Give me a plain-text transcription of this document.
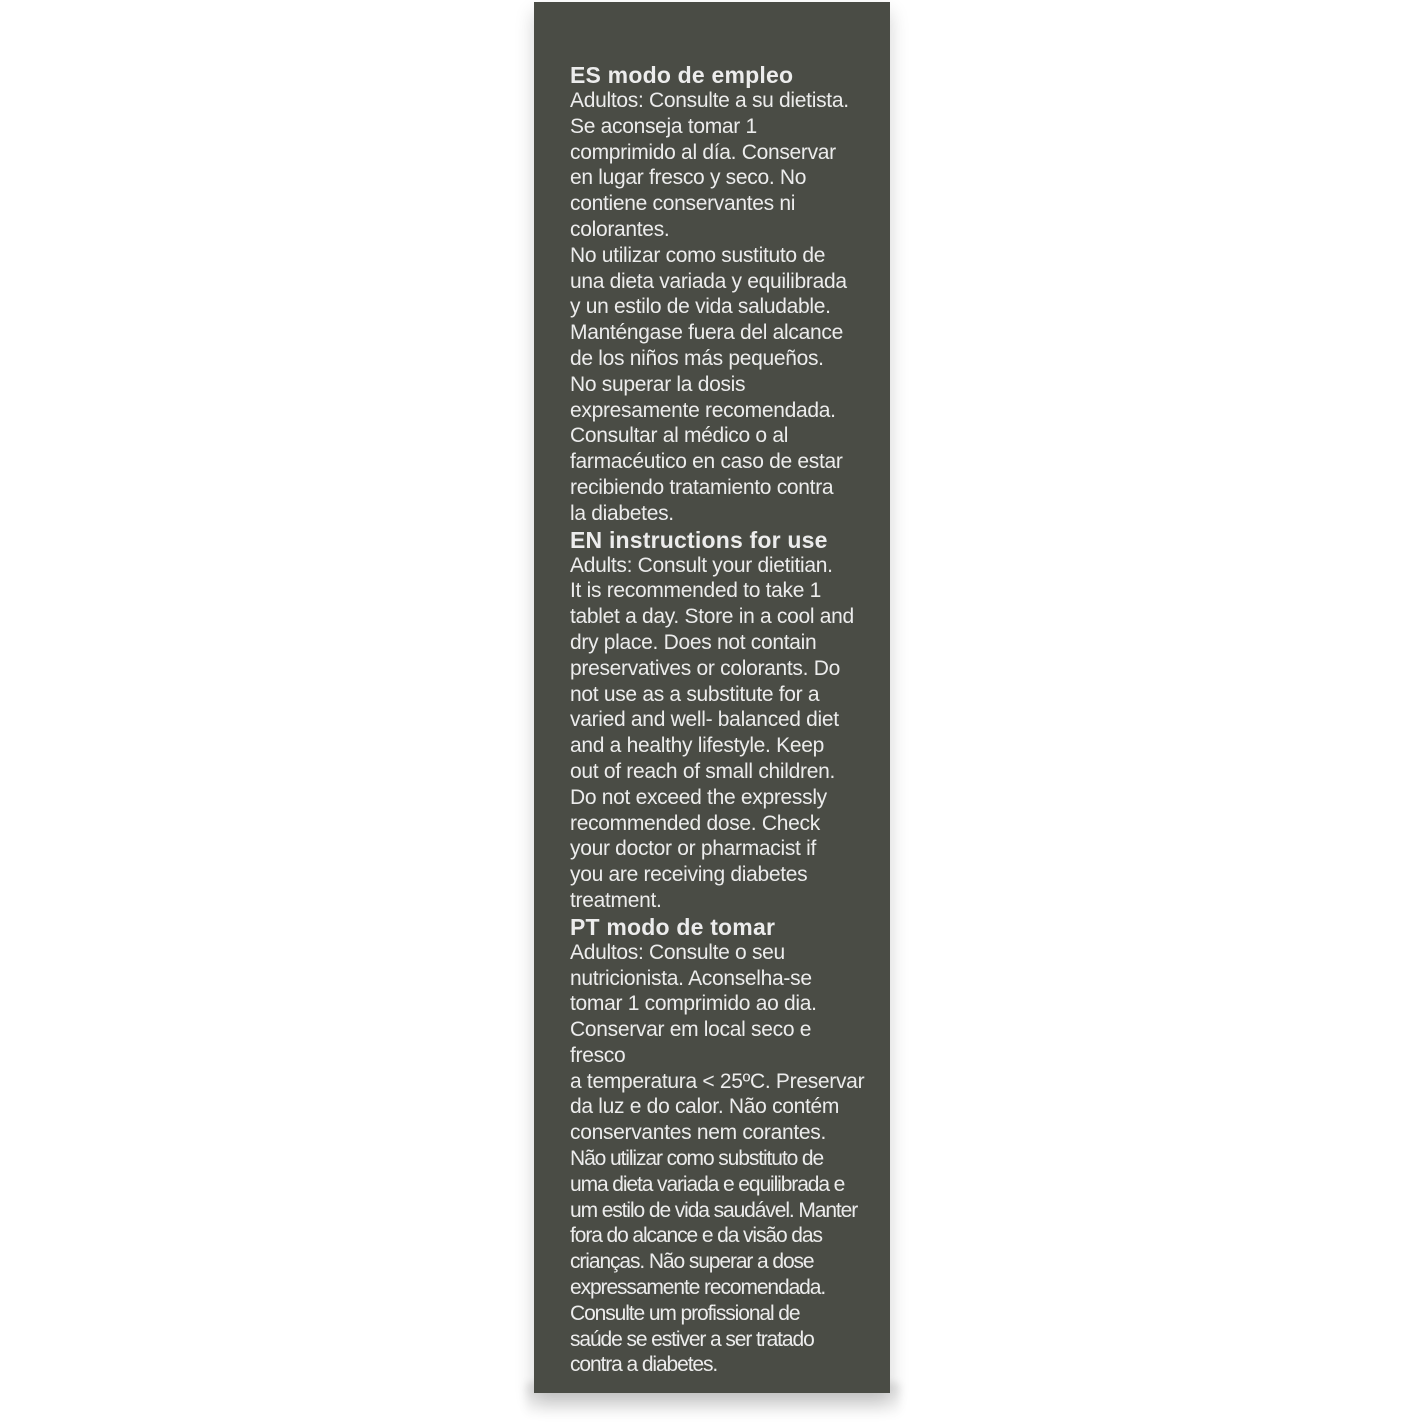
ES modo de empleo

Adultos: Consulte a su dietista.
Se aconseja tomar 1
comprimido al día. Conservar
en lugar fresco y seco. No
contiene conservantes ni
colorantes.
No utilizar como sustituto de
una dieta variada y equilibrada
y un estilo de vida saludable.
Manténgase fuera del alcance
de los niños más pequeños.
No superar la dosis
expresamente recomendada.
Consultar al médico o al
farmacéutico en caso de estar
recibiendo tratamiento contra
la diabetes.

EN instructions for use

Adults: Consult your dietitian.
It is recommended to take 1
tablet a day. Store in a cool and
dry place. Does not contain
preservatives or colorants. Do
not use as a substitute for a
varied and well- balanced diet
and a healthy lifestyle. Keep
out of reach of small children.
Do not exceed the expressly
recommended dose. Check
your doctor or pharmacist if
you are receiving diabetes
treatment.

PT modo de tomar

Adultos: Consulte o seu
nutricionista. Aconselha-se
tomar 1 comprimido ao dia.
Conservar em local seco e fresco
a temperatura < 25ºC. Preservar
da luz e do calor. Não contém
conservantes nem corantes.

Não utilizar como substituto de
uma dieta variada e equilibrada e
um estilo de vida saudável. Manter
fora do alcance e da visão das
crianças. Não superar a dose
expressamente recomendada.
Consulte um profissional de
saúde se estiver a ser tratado
contra a diabetes.
